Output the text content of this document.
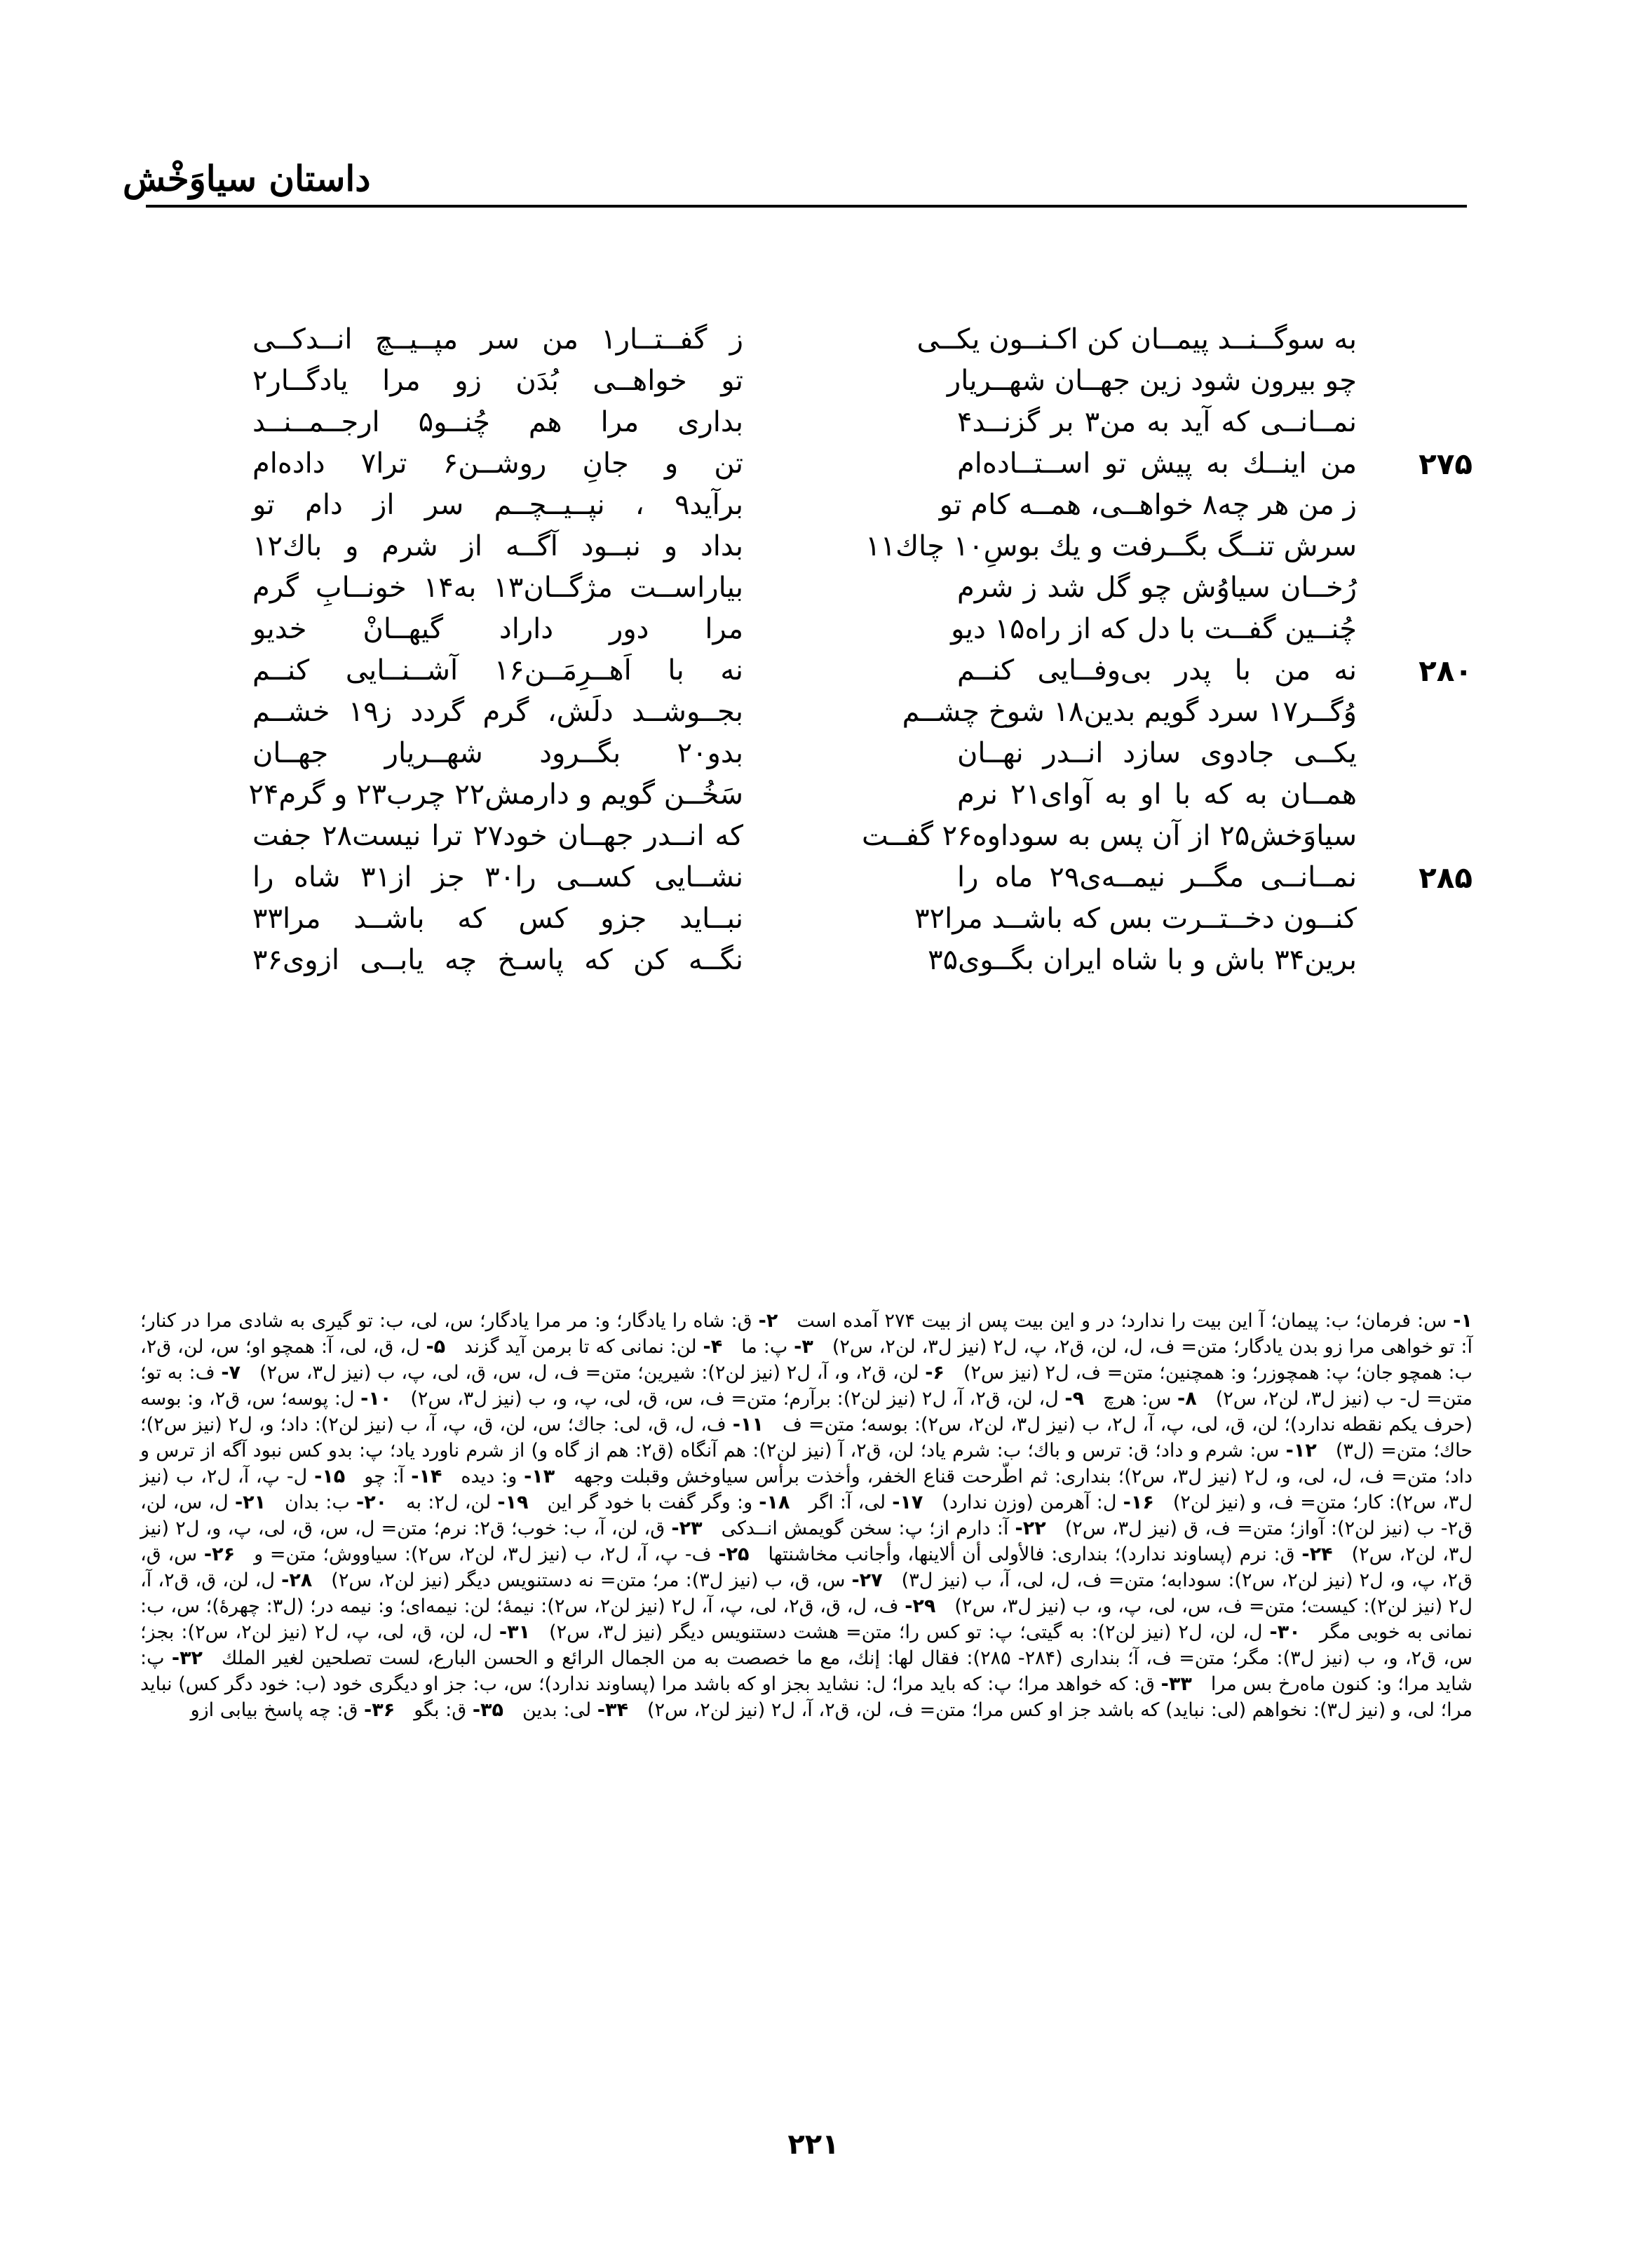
داستان سیاوَخْش
به سوگــنــد پیمــان کن اکـنــون یکــی
ز گفــتــار۱ من سر مپــیــچ انــدکــی
چو بیرون شود زین جهــان شهــریار
تو خواهــی بُدَن زو مرا یادگــار۲
نمــانــی که آید به من۳ بر گزنــد۴
بداری مرا هم چُنــو۵ ارجــمــنــد
۲۷۵
من اینــك به پیش تو اســتــاده‌ام
تن و جانِ روشــن۶ ترا۷ داده‌ام
ز من هر چه۸ خواهــی، همــه کام تو
برآید۹ ، نپــیــچــم سر از دام تو
سرش تنــگ بگــرفت و یك بوسِ۱۰ چاك۱۱
بداد و نبــود آگــه از شرم و باك۱۲
رُخــان سیاوُش چو گل شد ز شرم
بیاراســت مژگــان۱۳ به۱۴ خونــابِ گرم
چُنــین گفــت با دل که از راه۱۵ دیو
مرا دور داراد گیهــانْ خدیو
۲۸۰
نه من با پدر بی‌وفــایی کنــم
نه با اَهــرِمَــن۱۶ آشــنــایی کنــم
وُگــر۱۷ سرد گویم بدین۱۸ شوخ چشــم
بجــوشــد دلَش، گرم گردد ز۱۹ خشــم
یکــی جادوی سازد انــدر نهــان
بدو۲۰ بگــرود شهــریار جهــان
همــان به که با او به آوای۲۱ نرم
سَخُــن گویم و دارمش۲۲ چرب۲۳ و گرم۲۴
سیاوَخش۲۵ از آن پس به سوداوه۲۶ گفــت
که انــدر جهــان خود۲۷ ترا نیست۲۸ جفت
۲۸۵
نمــانــی مگــر نیمــه‌ی۲۹ ماه را
نشــایی کســی را۳۰ جز از۳۱ شاه را
کنــون دخــتــرت بس که باشــد مرا۳۲
نبــاید جزو کس که باشــد مرا۳۳
برین۳۴ باش و با شاه ایران بگــوی۳۵
نگــه کن که پاسـخ چه یابــی ازوی۳۶
۱- س: فرمان؛ ب: پیمان؛ آ این بیت را ندارد؛ در و این بیت پس از بیت ۲۷۴ آمده است ۲- ق: شاه را یادگار؛ و: مر مرا یادگار؛ س، لی، ب: تو گیری به شادی مرا در کنار؛ آ: تو خواهی مرا زو بدن یادگار؛ متن= ف، ل، لن، ق۲، پ، ل۲ (نیز ل۳، لن۲، س۲) ۳- پ: ما ۴- لن: نمانی که تا برمن آید گزند ۵- ل، ق، لی، آ: همچو او؛ س، لن، ق۲، ب: همچو جان؛ پ: همچوزر؛ و: همچنین؛ متن= ف، ل۲ (نیز س۲) ۶- لن، ق۲، و، آ، ل۲ (نیز لن۲): شیرین؛ متن= ف، ل، س، ق، لی، پ، ب (نیز ل۳، س۲) ۷- ف: به تو؛ متن= ل- ب (نیز ل۳، لن۲، س۲) ۸- س: هرچ ۹- ل، لن، ق۲، آ، ل۲ (نیز لن۲): برآرم؛ متن= ف، س، ق، لی، پ، و، ب (نیز ل۳، س۲) ۱۰- ل: پوسه؛ س، ق۲، و: بوسه (حرف یکم نقطه ندارد)؛ لن، ق، لی، پ، آ، ل۲، ب (نیز ل۳، لن۲، س۲): بوسه؛ متن= ف ۱۱- ف، ل، ق، لی: جاك؛ س، لن، ق، پ، آ، ب (نیز لن۲): داد؛ و، ل۲ (نیز س۲)؛ حاك؛ متن= (ل۳) ۱۲- س: شرم و داد؛ ق: ترس و باك؛ ب: شرم یاد؛ لن، ق۲، آ (نیز لن۲): هم آنگاه (ق۲: هم از گاه و) از شرم ناورد یاد؛ پ: بدو کس نبود آگه از ترس و داد؛ متن= ف، ل، لی، و، ل۲ (نیز ل۳، س۲)؛ بنداری: ثم اطّرحت قناع الخفر، وأخذت برأس سیاوخش وقبلت وجهه ۱۳- و: دیده ۱۴- آ: چو ۱۵- ل- پ، آ، ل۲، ب (نیز ل۳، س۲): کار؛ متن= ف، و (نیز لن۲) ۱۶- ل: آهرمن (وزن ندارد) ۱۷- لی، آ: اگر ۱۸- و: وگر گفت با خود گر این ۱۹- لن، ل۲: به ۲۰- ب: بدان ۲۱- ل، س، لن، ق۲- ب (نیز لن۲): آواز؛ متن= ف، ق (نیز ل۳، س۲) ۲۲- آ: دارم از؛ پ: سخن گویمش انــدکی ۲۳- ق، لن، آ، ب: خوب؛ ق۲: نرم؛ متن= ل، س، ق، لی، پ، و، ل۲ (نیز ل۳، لن۲، س۲) ۲۴- ق: نرم (پساوند ندارد)؛ بنداری: فالأولی أن ألاینها، وأجانب مخاشنتها ۲۵- ف- پ، آ، ل۲، ب (نیز ل۳، لن۲، س۲): سیاووش؛ متن= و ۲۶- س، ق، ق۲، پ، و، ل۲ (نیز لن۲، س۲): سودابه؛ متن= ف، ل، لی، آ، ب (نیز ل۳) ۲۷- س، ق، ب (نیز ل۳): مر؛ متن= نه دستنویس دیگر (نیز لن۲، س۲) ۲۸- ل، لن، ق، ق۲، آ، ل۲ (نیز لن۲): کیست؛ متن= ف، س، لی، پ، و، ب (نیز ل۳، س۲) ۲۹- ف، ل، ق، ق۲، لی، پ، آ، ل۲ (نیز لن۲، س۲): نیمهٔ؛ لن: نیمه‌ای؛ و: نیمه در؛ (ل۳: چهرهٔ)؛ س، ب: نمانی به خوبی مگر ۳۰- ل، لن، ل۲ (نیز لن۲): به گیتی؛ پ: تو کس را؛ متن= هشت دستنویس دیگر (نیز ل۳، س۲) ۳۱- ل، لن، ق، لی، پ، ل۲ (نیز لن۲، س۲): بجز؛ س، ق۲، و، ب (نیز ل۳): مگر؛ متن= ف، آ؛ بنداری (۲۸۴- ۲۸۵): فقال لها: إنك، مع ما خصصت به من الجمال الرائع و الحسن البارع، لست تصلحین لغیر الملك ۳۲- پ: شاید مرا؛ و: کنون ماه‌رخ بس مرا ۳۳- ق: که خواهد مرا؛ پ: که باید مرا؛ ل: نشاید بجز او که باشد مرا (پساوند ندارد)؛ س، ب: جز او دیگری خود (ب: خود دگر کس) نباید مرا؛ لی، و (نیز ل۳): نخواهم (لی: نباید) که باشد جز او کس مرا؛ متن= ف، لن، ق۲، آ، ل۲ (نیز لن۲، س۲) ۳۴- لی: بدین ۳۵- ق: بگو ۳۶- ق: چه پاسخ بیابی ازو 
۲۲۱
